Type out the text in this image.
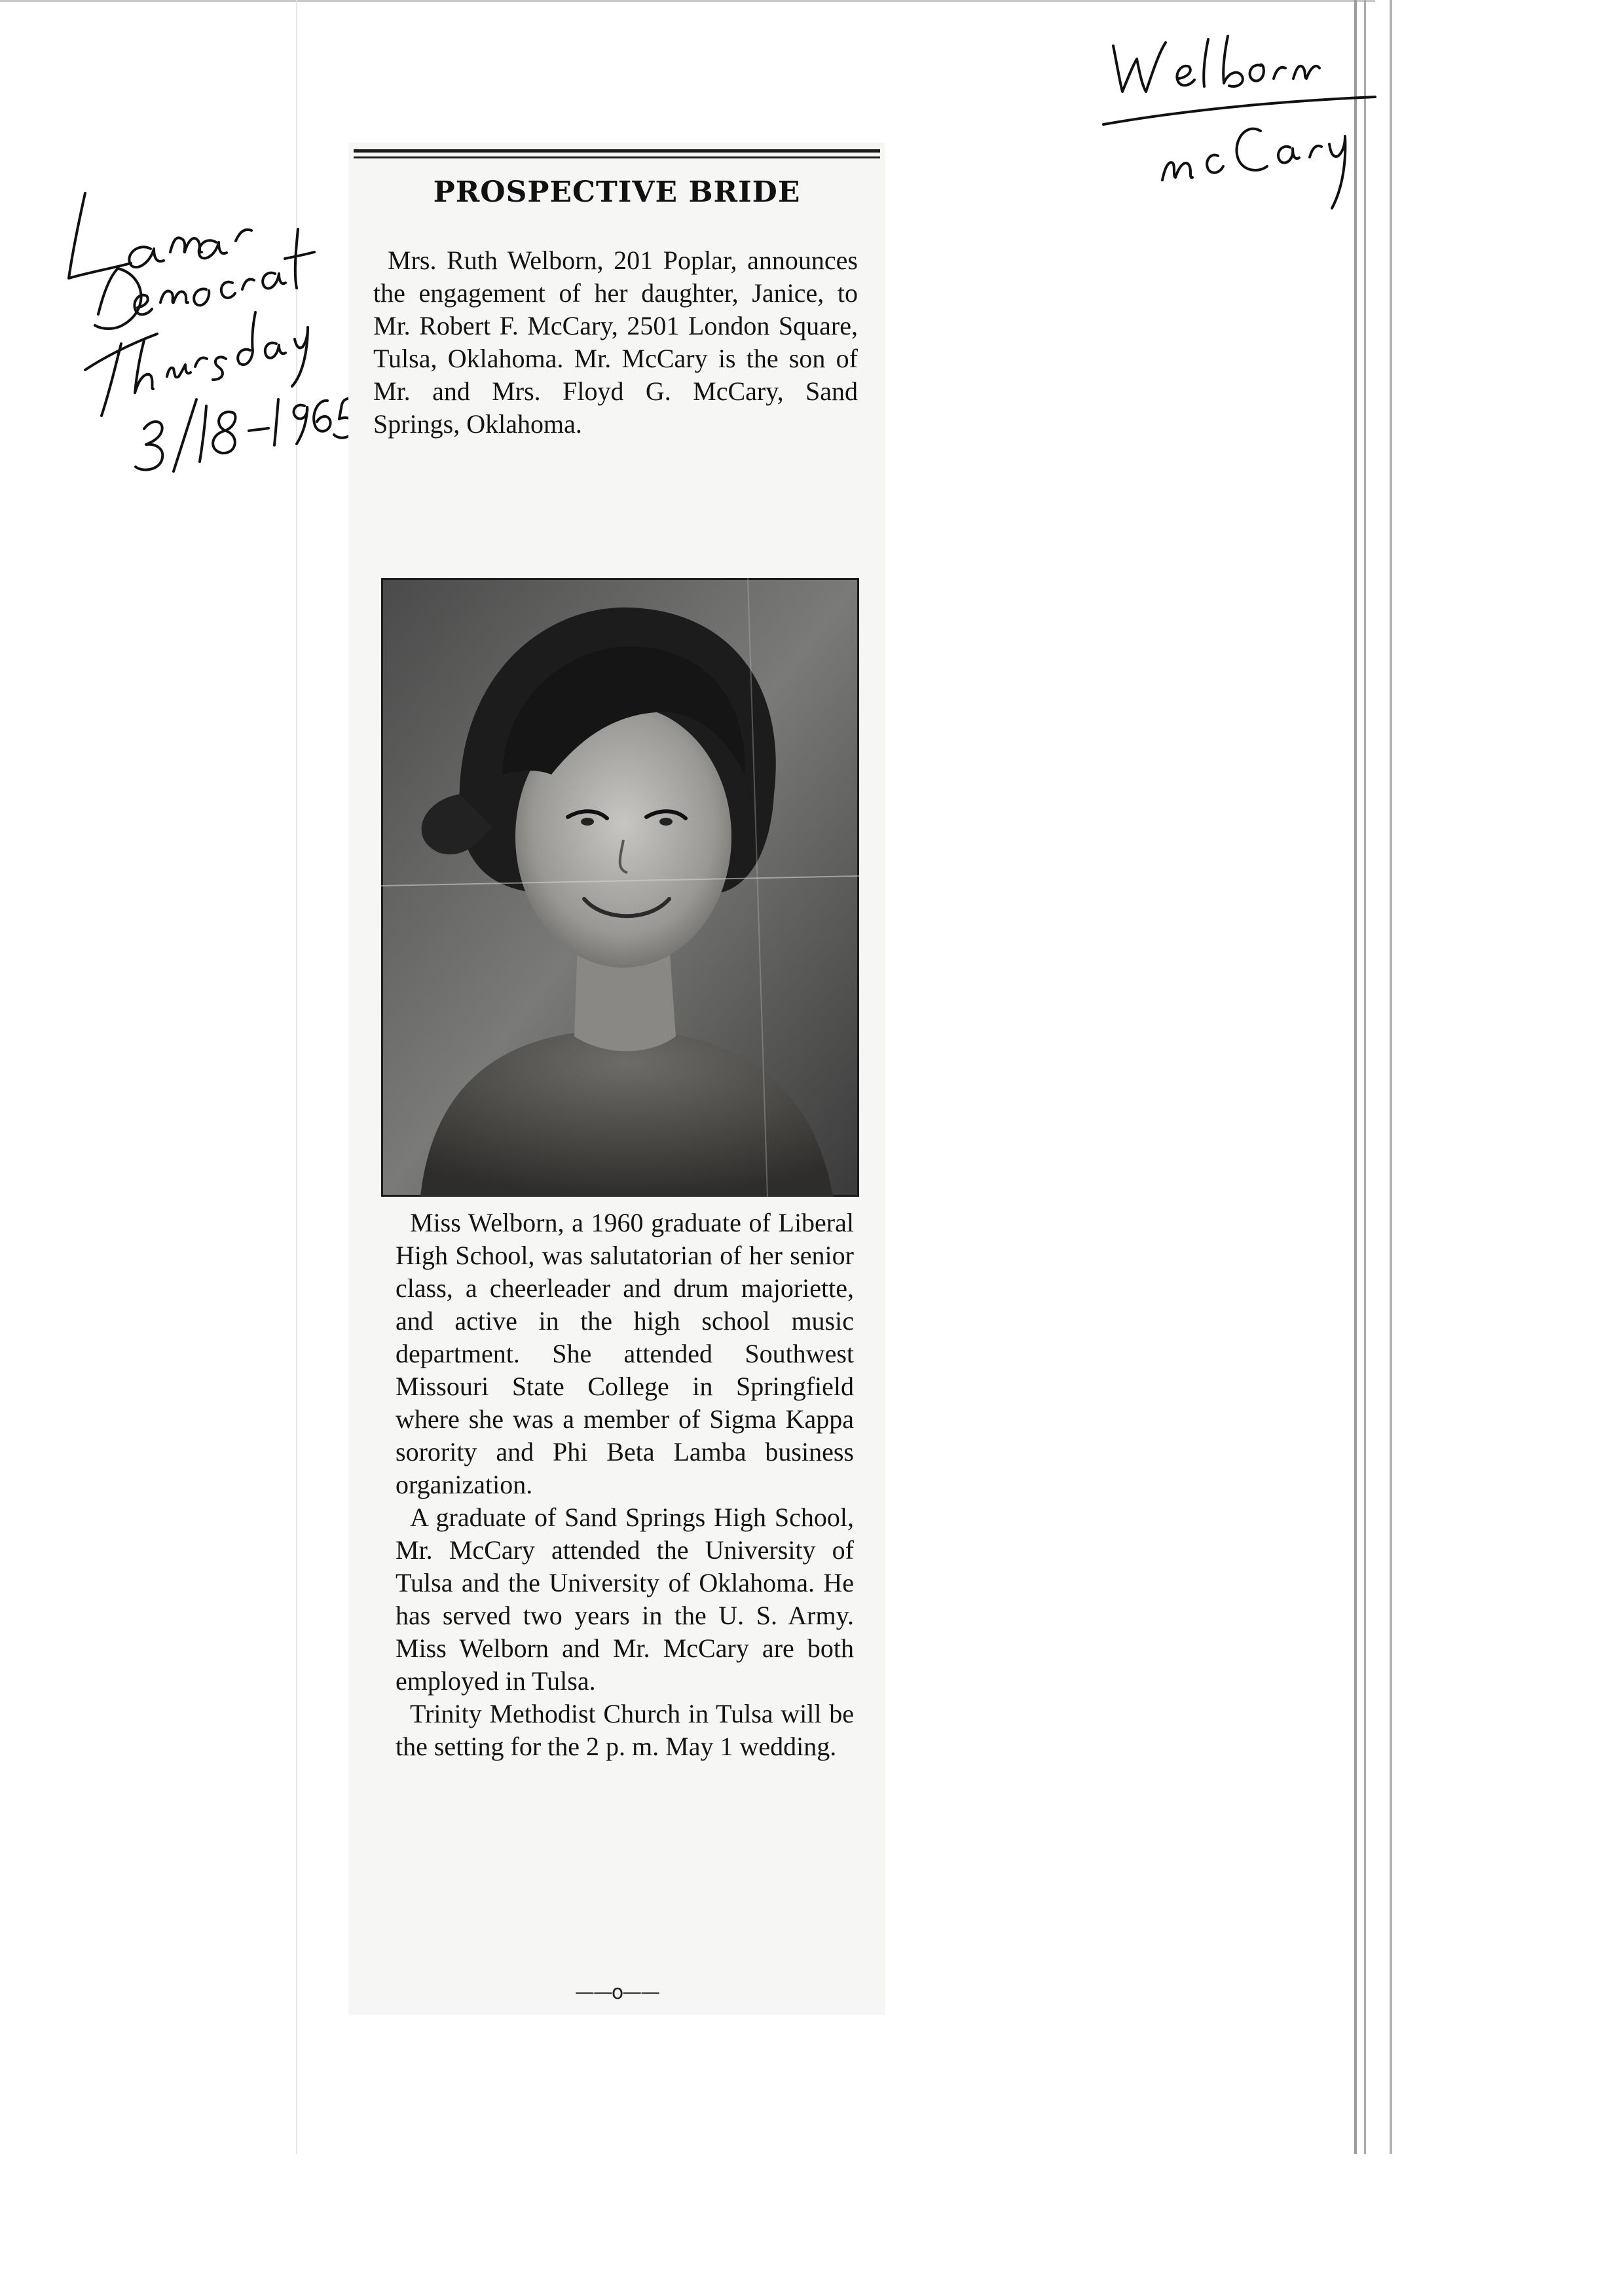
PROSPECTIVE BRIDE
Mrs. Ruth Welborn, 201 Poplar, announces the engagement of her daughter, Janice, to Mr. Robert F. McCary, 2501 London Square, Tulsa, Oklahoma. Mr. McCary is the son of Mr. and Mrs. Floyd G. McCary, Sand Springs, Oklahoma.
Miss Welborn, a 1960 graduate of Liberal High School, was salutatorian of her senior class, a cheerleader and drum majoriette, and active in the high school music department. She attended Southwest Missouri State College in Springfield where she was a member of Sigma Kappa sorority and Phi Beta Lamba business organization.
A graduate of Sand Springs High School, Mr. McCary attended the University of Tulsa and the University of Oklahoma. He has served two years in the U. S. Army. Miss Welborn and Mr. McCary are both employed in Tulsa.
Trinity Methodist Church in Tulsa will be the setting for the 2 p. m. May 1 wedding.
——o——
